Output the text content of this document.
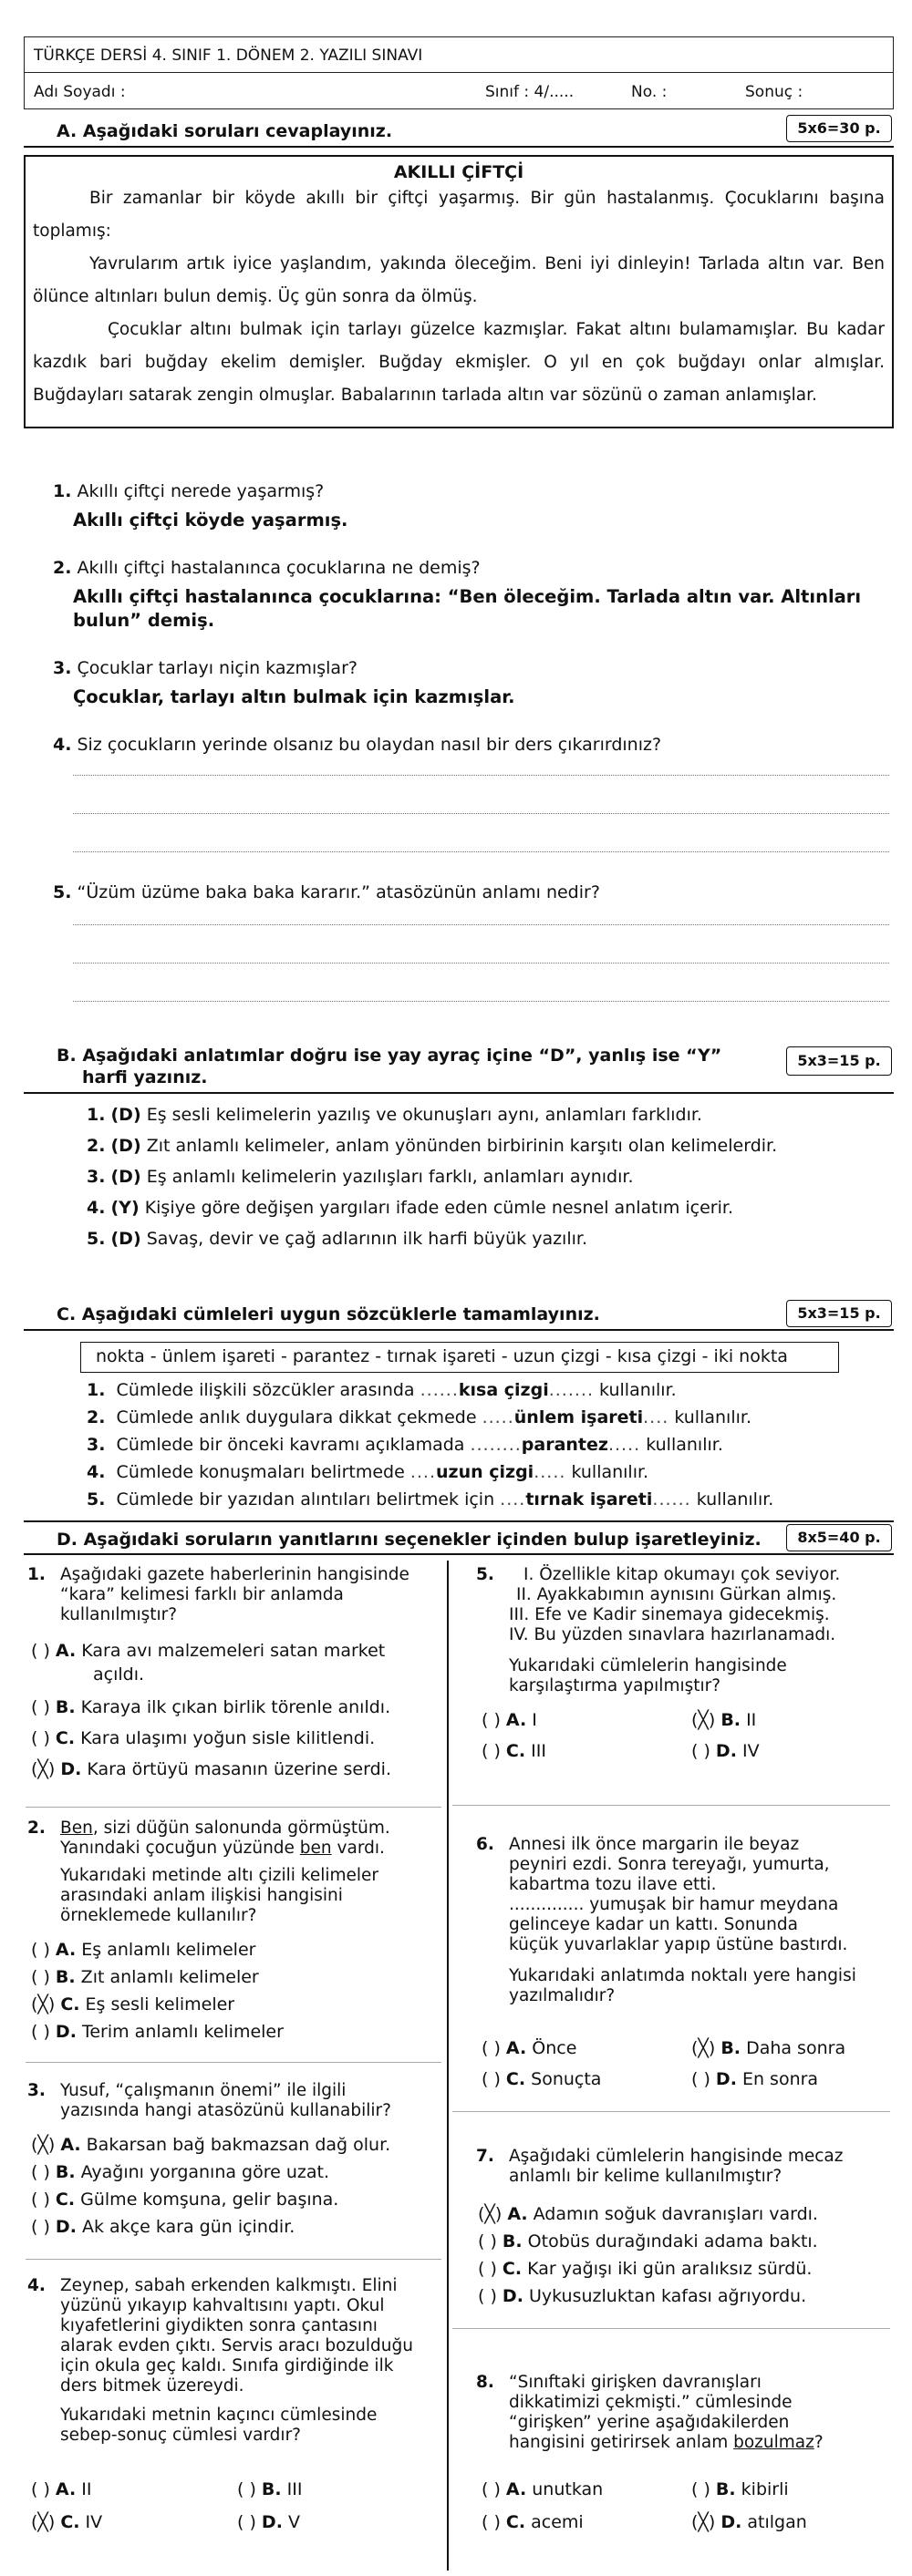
TÜRKÇE DERSİ 4. SINIF 1. DÖNEM 2. YAZILI SINAVI
Adı Soyadı :	Sınıf : 4/.....	No. :	Sonuç :
A. Aşağıdaki soruları cevaplayınız.	5x6=30 p.
AKILLI ÇİFTÇİ

Bir zamanlar bir köyde akıllı bir çiftçi yaşarmış. Bir gün hastalanmış. Çocuklarını başına toplamış:

Yavrularım artık iyice yaşlandım, yakında öleceğim. Beni iyi dinleyin! Tarlada altın var. Ben ölünce altınları bulun demiş. Üç gün sonra da ölmüş.

Çocuklar altını bulmak için tarlayı güzelce kazmışlar. Fakat altını bulamamışlar. Bu kadar kazdık bari buğday ekelim demişler. Buğday ekmişler. O yıl en çok buğdayı onlar almışlar. Buğdayları satarak zengin olmuşlar. Babalarının tarlada altın var sözünü o zaman anlamışlar.

1. Akıllı çiftçi nerede yaşarmış?
Akıllı çiftçi köyde yaşarmış.
2. Akıllı çiftçi hastalanınca çocuklarına ne demiş?
Akıllı çiftçi hastalanınca çocuklarına: “Ben öleceğim. Tarlada altın var. Altınları bulun” demiş.
3. Çocuklar tarlayı niçin kazmışlar?
Çocuklar, tarlayı altın bulmak için kazmışlar.
4. Siz çocukların yerinde olsanız bu olaydan nasıl bir ders çıkarırdınız?
5. “Üzüm üzüme baka baka kararır.” atasözünün anlamı nedir?
B. Aşağıdaki anlatımlar doğru ise yay ayraç içine “D”, yanlış ise “Y”
harfi yazınız.
5x3=15 p.
1. (D) Eş sesli kelimelerin yazılış ve okunuşları aynı, anlamları farklıdır.
2. (D) Zıt anlamlı kelimeler, anlam yönünden birbirinin karşıtı olan kelimelerdir.
3. (D) Eş anlamlı kelimelerin yazılışları farklı, anlamları aynıdır.
4. (Y) Kişiye göre değişen yargıları ifade eden cümle nesnel anlatım içerir.
5. (D) Savaş, devir ve çağ adlarının ilk harfi büyük yazılır.
C. Aşağıdaki cümleleri uygun sözcüklerle tamamlayınız.	5x3=15 p.
nokta - ünlem işareti - parantez - tırnak işareti - uzun çizgi - kısa çizgi - iki nokta
1. Cümlede ilişkili sözcükler arasında ......kısa çizgi....... kullanılır.
2. Cümlede anlık duygulara dikkat çekmede .....ünlem işareti.... kullanılır.
3. Cümlede bir önceki kavramı açıklamada ........parantez..... kullanılır.
4. Cümlede konuşmaları belirtmede ....uzun çizgi..... kullanılır.
5. Cümlede bir yazıdan alıntıları belirtmek için ....tırnak işareti...... kullanılır.
D. Aşağıdaki soruların yanıtlarını seçenekler içinden bulup işaretleyiniz.	8x5=40 p.
1. Aşağıdaki gazete haberlerinin hangisinde
“kara” kelimesi farklı bir anlamda
kullanılmıştır?
( ) A. Kara avı malzemeleri satan market
açıldı.
( ) B. Karaya ilk çıkan birlik törenle anıldı.
( ) C. Kara ulaşımı yoğun sisle kilitlendi.
(╳) D. Kara örtüyü masanın üzerine serdi.
2. Ben, sizi düğün salonunda görmüştüm.
Yanındaki çocuğun yüzünde ben vardı.
Yukarıdaki metinde altı çizili kelimeler
arasındaki anlam ilişkisi hangisini
örneklemede kullanılır?
( ) A. Eş anlamlı kelimeler
( ) B. Zıt anlamlı kelimeler
(╳) C. Eş sesli kelimeler
( ) D. Terim anlamlı kelimeler
3. Yusuf, “çalışmanın önemi” ile ilgili
yazısında hangi atasözünü kullanabilir?
(╳) A. Bakarsan bağ bakmazsan dağ olur.
( ) B. Ayağını yorganına göre uzat.
( ) C. Gülme komşuna, gelir başına.
( ) D. Ak akçe kara gün içindir.
4. Zeynep, sabah erkenden kalkmıştı. Elini
yüzünü yıkayıp kahvaltısını yaptı. Okul
kıyafetlerini giydikten sonra çantasını
alarak evden çıktı. Servis aracı bozulduğu
için okula geç kaldı. Sınıfa girdiğinde ilk
ders bitmek üzereydi.
Yukarıdaki metnin kaçıncı cümlesinde
sebep-sonuç cümlesi vardır?
( ) A. II	( ) B. III
(╳) C. IV	( ) D. V
5. I. Özellikle kitap okumayı çok seviyor.
II. Ayakkabımın aynısını Gürkan almış.
III. Efe ve Kadir sinemaya gidecekmiş.
IV. Bu yüzden sınavlara hazırlanamadı.
Yukarıdaki cümlelerin hangisinde
karşılaştırma yapılmıştır?
( ) A. I	(╳) B. II
( ) C. III	( ) D. IV
6. Annesi ilk önce margarin ile beyaz
peyniri ezdi. Sonra tereyağı, yumurta,
kabartma tozu ilave etti.
.............. yumuşak bir hamur meydana
gelinceye kadar un kattı. Sonunda
küçük yuvarlaklar yapıp üstüne bastırdı.
Yukarıdaki anlatımda noktalı yere hangisi
yazılmalıdır?
( ) A. Önce	(╳) B. Daha sonra
( ) C. Sonuçta	( ) D. En sonra
7. Aşağıdaki cümlelerin hangisinde mecaz
anlamlı bir kelime kullanılmıştır?
(╳) A. Adamın soğuk davranışları vardı.
( ) B. Otobüs durağındaki adama baktı.
( ) C. Kar yağışı iki gün aralıksız sürdü.
( ) D. Uykusuzluktan kafası ağrıyordu.
8. “Sınıftaki girişken davranışları
dikkatimizi çekmişti.” cümlesinde
“girişken” yerine aşağıdakilerden
hangisini getirirsek anlam bozulmaz?
( ) A. unutkan	( ) B. kibirli
( ) C. acemi	(╳) D. atılgan
